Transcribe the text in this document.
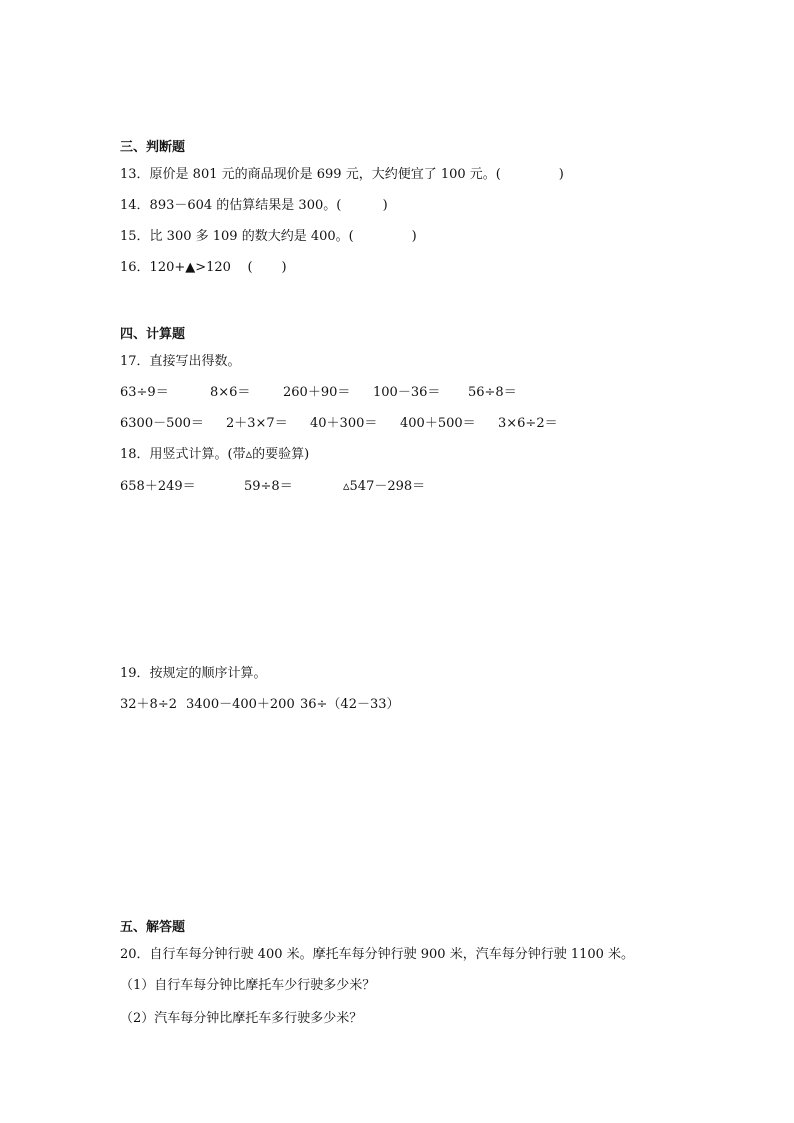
三、判断题
13．原价是 801 元的商品现价是 699 元，大约便宜了 100 元。(              )
14．893－604 的估算结果是 300。(          )
15．比 300 多 109 的数大约是 400。(              )
16．120+▲>120    (       )
四、计算题
17．直接写出得数。
63÷9＝	8×6＝	260＋90＝ 100－36＝ 56÷8＝
6300－500＝ 2＋3×7＝ 40＋300＝ 400＋500＝ 3×6÷2＝
18．用竖式计算。(带▵的要验算)
658＋249＝	59÷8＝	▵547－298＝
19．按规定的顺序计算。
32＋8÷2 3400－400＋200 36÷（42－33）
五、解答题
20．自行车每分钟行驶 400 米。摩托车每分钟行驶 900 米，汽车每分钟行驶 1100 米。
（1）自行车每分钟比摩托车少行驶多少米？
（2）汽车每分钟比摩托车多行驶多少米？
